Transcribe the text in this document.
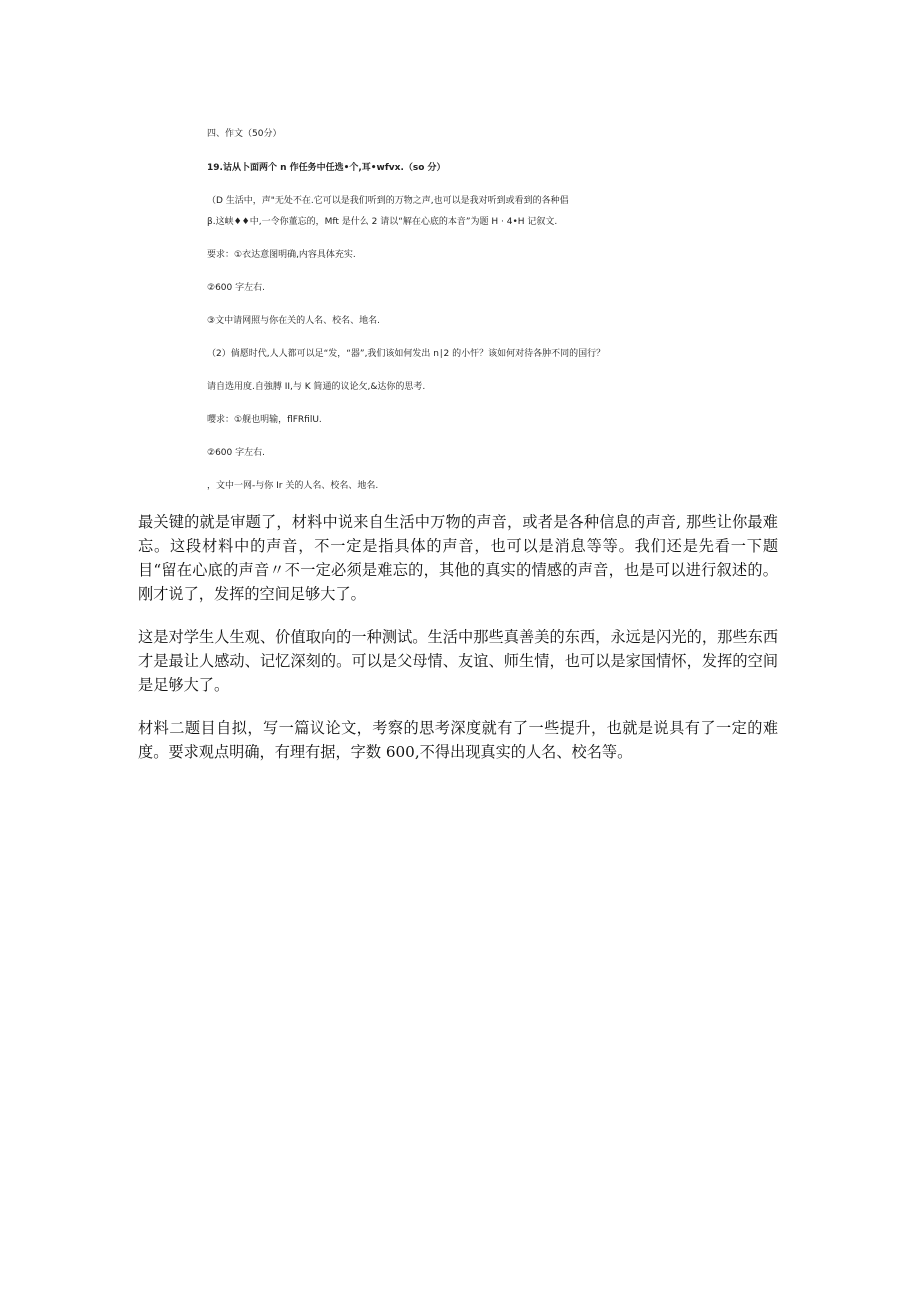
四、作文（50分）
19.诂从卜面两个 n 作任务中任选•个,耳•wfvx.（so 分）
（D 生活中，声"无处不在.它可以是我们听到的万物之声,也可以是我对听到或看到的各种倡
β.这峡♦♦中,一令你董忘的，Mft 是什么 2 请以“解在心底的本音”为题 H · 4•H 记叙文.
要求：①衣达意图明确,内容具体充实.
②600 字左右.
③文中请网照与你在关的人名、校名、地名.
（2）倘愿时代,人人都可以足“发，“器”,我们该如何发出 n∣2 的小忓？该如何对待各肿不同的国行？
请自选用度.自強膊 II,与 K 简通的议论攵,&达你的思考.
嘤求：①舰也明输，flFRfilU.
②600 字左右.
，文中一网-与你 Ir 关的人名、校名、地名.

最关键的就是审题了，材料中说来自生活中万物的声音，或者是各种信息的声音, 那些让你最难忘。这段材料中的声音，不一定是指具体的声音，也可以是消息等等。我们还是先看一下题目“留在心底的声音〃不一定必须是难忘的，其他的真实的情感的声音，也是可以进行叙述的。刚才说了，发挥的空间足够大了。

这是对学生人生观、价值取向的一种测试。生活中那些真善美的东西，永远是闪光的，那些东西才是最让人感动、记忆深刻的。可以是父母情、友谊、师生情，也可以是家国情怀，发挥的空间是足够大了。

材料二题目自拟，写一篇议论文，考察的思考深度就有了一些提升，也就是说具有了一定的难度。要求观点明确，有理有据，字数 600,不得出现真实的人名、校名等。
